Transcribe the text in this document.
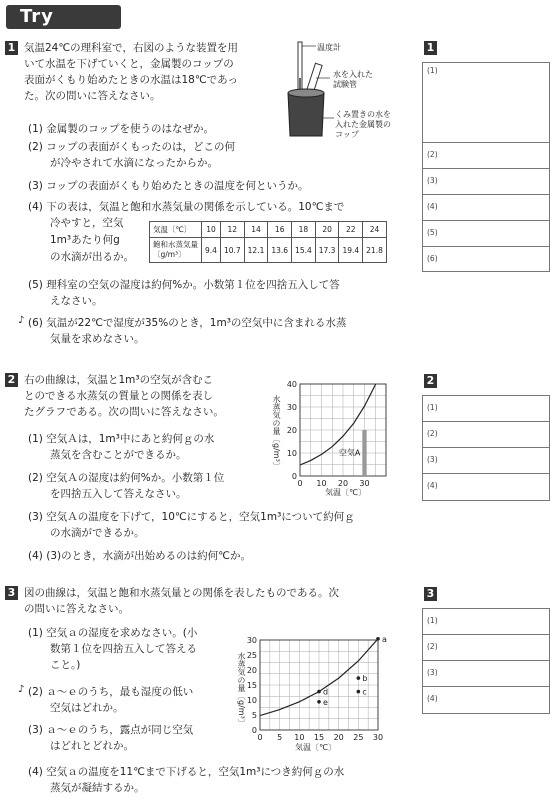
Try
1 気温24℃の理科室で，右図のような装置を用
いて水温を下げていくと，金属製のコップの
表面がくもり始めたときの水温は18℃であっ
た。次の問いに答えなさい。
温度計
水を入れた
試験管
くみ置きの水を
入れた金属製の
コップ
(1) 金属製のコップを使うのはなぜか。
(2) コップの表面がくもったのは，どこの何
が冷やされて水滴になったからか。
(3) コップの表面がくもり始めたときの温度を何というか。
(4) 下の表は，気温と飽和水蒸気量の関係を示している。10℃まで
冷やすと，空気
1m³あたり何g
の水滴が出るか。
気温〔℃〕	10	12	14	16	18	20	22	24

飽和水蒸気量
〔g/m³〕	9.4	10.7	12.1	13.6	15.4	17.3	19.4	21.8
(5) 理科室の空気の湿度は約何%か。小数第１位を四捨五入して答
えなさい。
♪ (6) 気温が22℃で湿度が35%のとき，1m³の空気中に含まれる水蒸
気量を求めなさい。
2 右の曲線は，気温と1m³の空気が含むこ
とのできる水蒸気の質量との関係を表し
たグラフである。次の問いに答えなさい。
(1) 空気Ａは，1m³中にあと約何ｇの水
蒸気を含むことができるか。
(2) 空気Ａの湿度は約何%か。小数第１位
を四捨五入して答えなさい。
(3) 空気Ａの温度を下げて，10℃にすると，空気1m³について約何ｇ
の水滴ができるか。
(4) (3)のとき，水滴が出始めるのは約何℃か。
0
10
20
30
40
0 10 20 30
空気A
水蒸気の量〔g/m³〕
気温〔℃〕
3 図の曲線は，気温と飽和水蒸気量との関係を表したものである。次
の問いに答えなさい。
(1) 空気ａの湿度を求めなさい。(小
数第１位を四捨五入して答える
こと。)
♪ (2) ａ～ｅのうち，最も湿度の低い
空気はどれか。
(3) ａ～ｅのうち，露点が同じ空気
はどれとどれか。
(4) 空気ａの温度を11℃まで下げると，空気1m³につき約何ｇの水
蒸気が凝結するか。
0
5
10
15
20
25
30
0 5 10 15 20 25 30
a
b
c
d
e
水蒸気の量〔g/m³〕
気温〔℃〕
1
(1)
(2)
(3)
(4)
(5)
(6)
2
(1)
(2)
(3)
(4)
3
(1)
(2)
(3)
(4)
